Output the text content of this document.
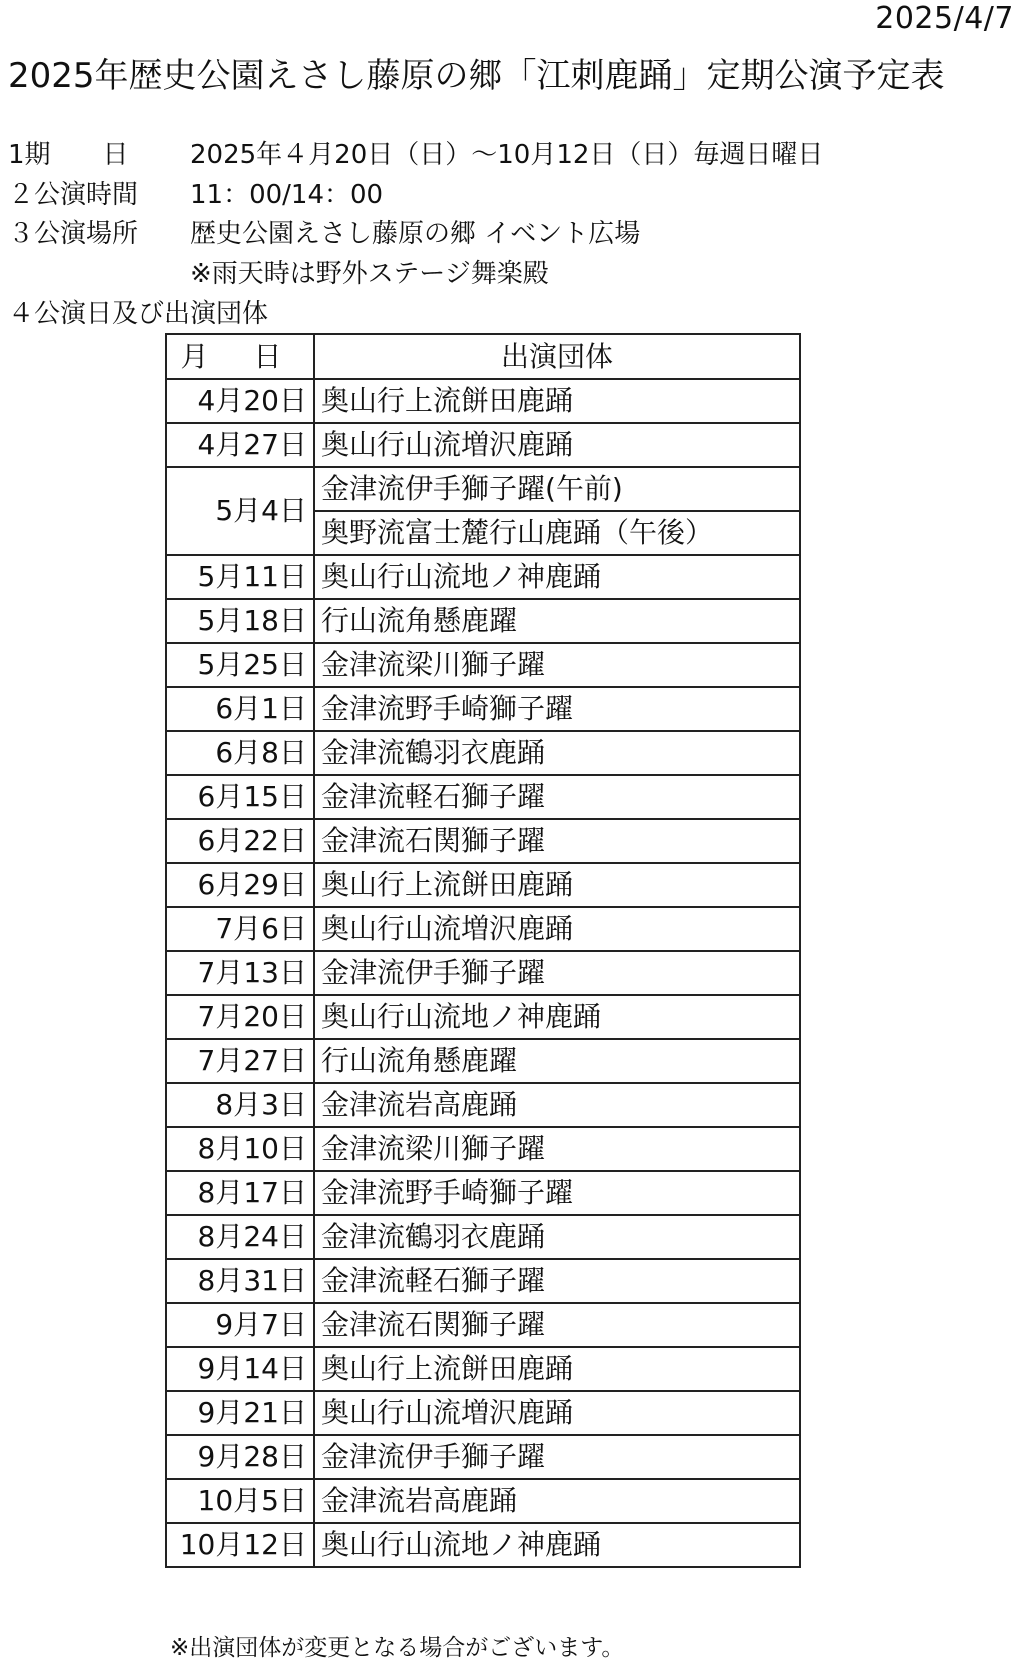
2025/4/7
2025年歴史公園えさし藤原の郷「江刺鹿踊」定期公演予定表
1期　　日 2025年４月20日（日）～10月12日（日）毎週日曜日
２公演時間 11：00/14：00
３公演場所 歴史公園えさし藤原の郷 イベント広場
※雨天時は野外ステージ舞楽殿
４公演日及び出演団体
月 日	出演団体
4月20日	奥山行上流餅田鹿踊
4月27日	奥山行山流増沢鹿踊
5月4日	金津流伊手獅子躍(午前)
	奥野流富士麓行山鹿踊（午後）
5月11日	奥山行山流地ノ神鹿踊
5月18日	行山流角懸鹿躍
5月25日	金津流梁川獅子躍
6月1日	金津流野手崎獅子躍
6月8日	金津流鶴羽衣鹿踊
6月15日	金津流軽石獅子躍
6月22日	金津流石関獅子躍
6月29日	奥山行上流餅田鹿踊
7月6日	奥山行山流増沢鹿踊
7月13日	金津流伊手獅子躍
7月20日	奥山行山流地ノ神鹿踊
7月27日	行山流角懸鹿躍
8月3日	金津流岩高鹿踊
8月10日	金津流梁川獅子躍
8月17日	金津流野手崎獅子躍
8月24日	金津流鶴羽衣鹿踊
8月31日	金津流軽石獅子躍
9月7日	金津流石関獅子躍
9月14日	奥山行上流餅田鹿踊
9月21日	奥山行山流増沢鹿踊
9月28日	金津流伊手獅子躍
10月5日	金津流岩高鹿踊
10月12日	奥山行山流地ノ神鹿踊
※出演団体が変更となる場合がございます。
